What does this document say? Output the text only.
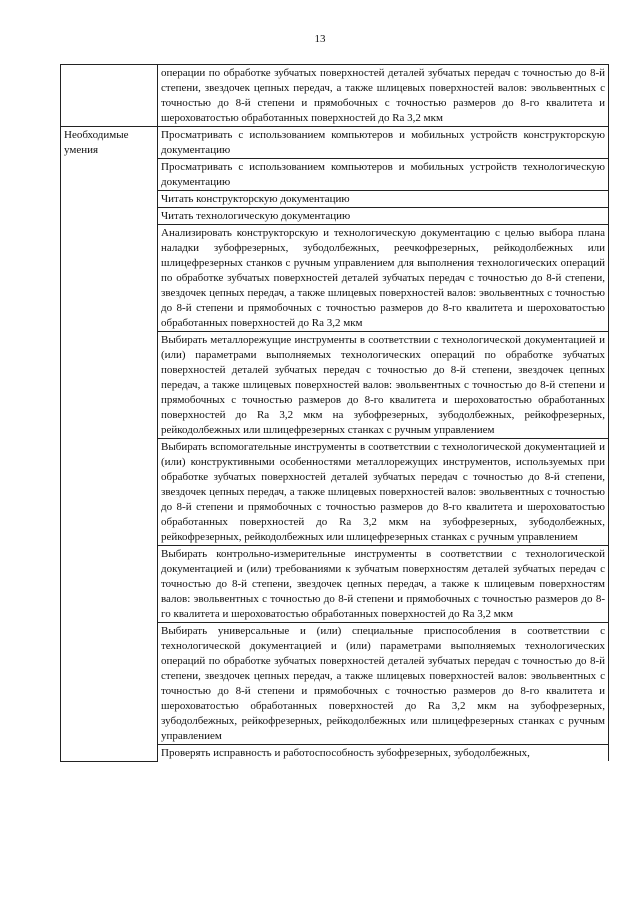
13
	операции по обработке зубчатых поверхностей деталей зубчатых передач с точностью до 8-й степени, звездочек цепных передач, а также шлицевых поверхностей валов: эвольвентных с точностью до 8-й степени и прямобочных с точностью размеров до 8-го квалитета и шероховатостью обработанных поверхностей до Ra 3,2 мкм
Необходимые умения	Просматривать с использованием компьютеров и мобильных устройств конструкторскую документацию
	Просматривать с использованием компьютеров и мобильных устройств технологическую документацию
	Читать конструкторскую документацию
	Читать технологическую документацию
	Анализировать конструкторскую и технологическую документацию с целью выбора плана наладки зубофрезерных, зубодолбежных, реечкофрезерных, рейкодолбежных или шлицефрезерных станков с ручным управлением для выполнения технологических операций по обработке зубчатых поверхностей деталей зубчатых передач с точностью до 8-й степени, звездочек цепных передач, а также шлицевых поверхностей валов: эвольвентных с точностью до 8-й степени и прямобочных с точностью размеров до 8-го квалитета и шероховатостью обработанных поверхностей до Ra 3,2 мкм
	Выбирать металлорежущие инструменты в соответствии с технологической документацией и (или) параметрами выполняемых технологических операций по обработке зубчатых поверхностей деталей зубчатых передач с точностью до 8-й степени, звездочек цепных передач, а также шлицевых поверхностей валов: эвольвентных с точностью до 8-й степени и прямобочных с точностью размеров до 8-го квалитета и шероховатостью обработанных поверхностей до Ra 3,2 мкм на зубофрезерных, зубодолбежных, рейкофрезерных, рейкодолбежных или шлицефрезерных станках с ручным управлением
	Выбирать вспомогательные инструменты в соответствии с технологической документацией и (или) конструктивными особенностями металлорежущих инструментов, используемых при обработке зубчатых поверхностей деталей зубчатых передач с точностью до 8-й степени, звездочек цепных передач, а также шлицевых поверхностей валов: эвольвентных с точностью до 8-й степени и прямобочных с точностью размеров до 8-го квалитета и шероховатостью обработанных поверхностей до Ra 3,2 мкм на зубофрезерных, зубодолбежных, рейкофрезерных, рейкодолбежных или шлицефрезерных станках с ручным управлением
	Выбирать контрольно-измерительные инструменты в соответствии с технологической документацией и (или) требованиями к зубчатым поверхностям деталей зубчатых передач с точностью до 8-й степени, звездочек цепных передач, а также к шлицевым поверхностям валов: эвольвентных с точностью до 8-й степени и прямобочных с точностью размеров до 8-го квалитета и шероховатостью обработанных поверхностей до Ra 3,2 мкм
	Выбирать универсальные и (или) специальные приспособления в соответствии с технологической документацией и (или) параметрами выполняемых технологических операций по обработке зубчатых поверхностей деталей зубчатых передач с точностью до 8-й степени, звездочек цепных передач, а также шлицевых поверхностей валов: эвольвентных с точностью до 8-й степени и прямобочных с точностью размеров до 8-го квалитета и шероховатостью обработанных поверхностей до Ra 3,2 мкм на зубофрезерных, зубодолбежных, рейкофрезерных, рейкодолбежных или шлицефрезерных станках с ручным управлением
	Проверять исправность и работоспособность зубофрезерных, зубодолбежных,
